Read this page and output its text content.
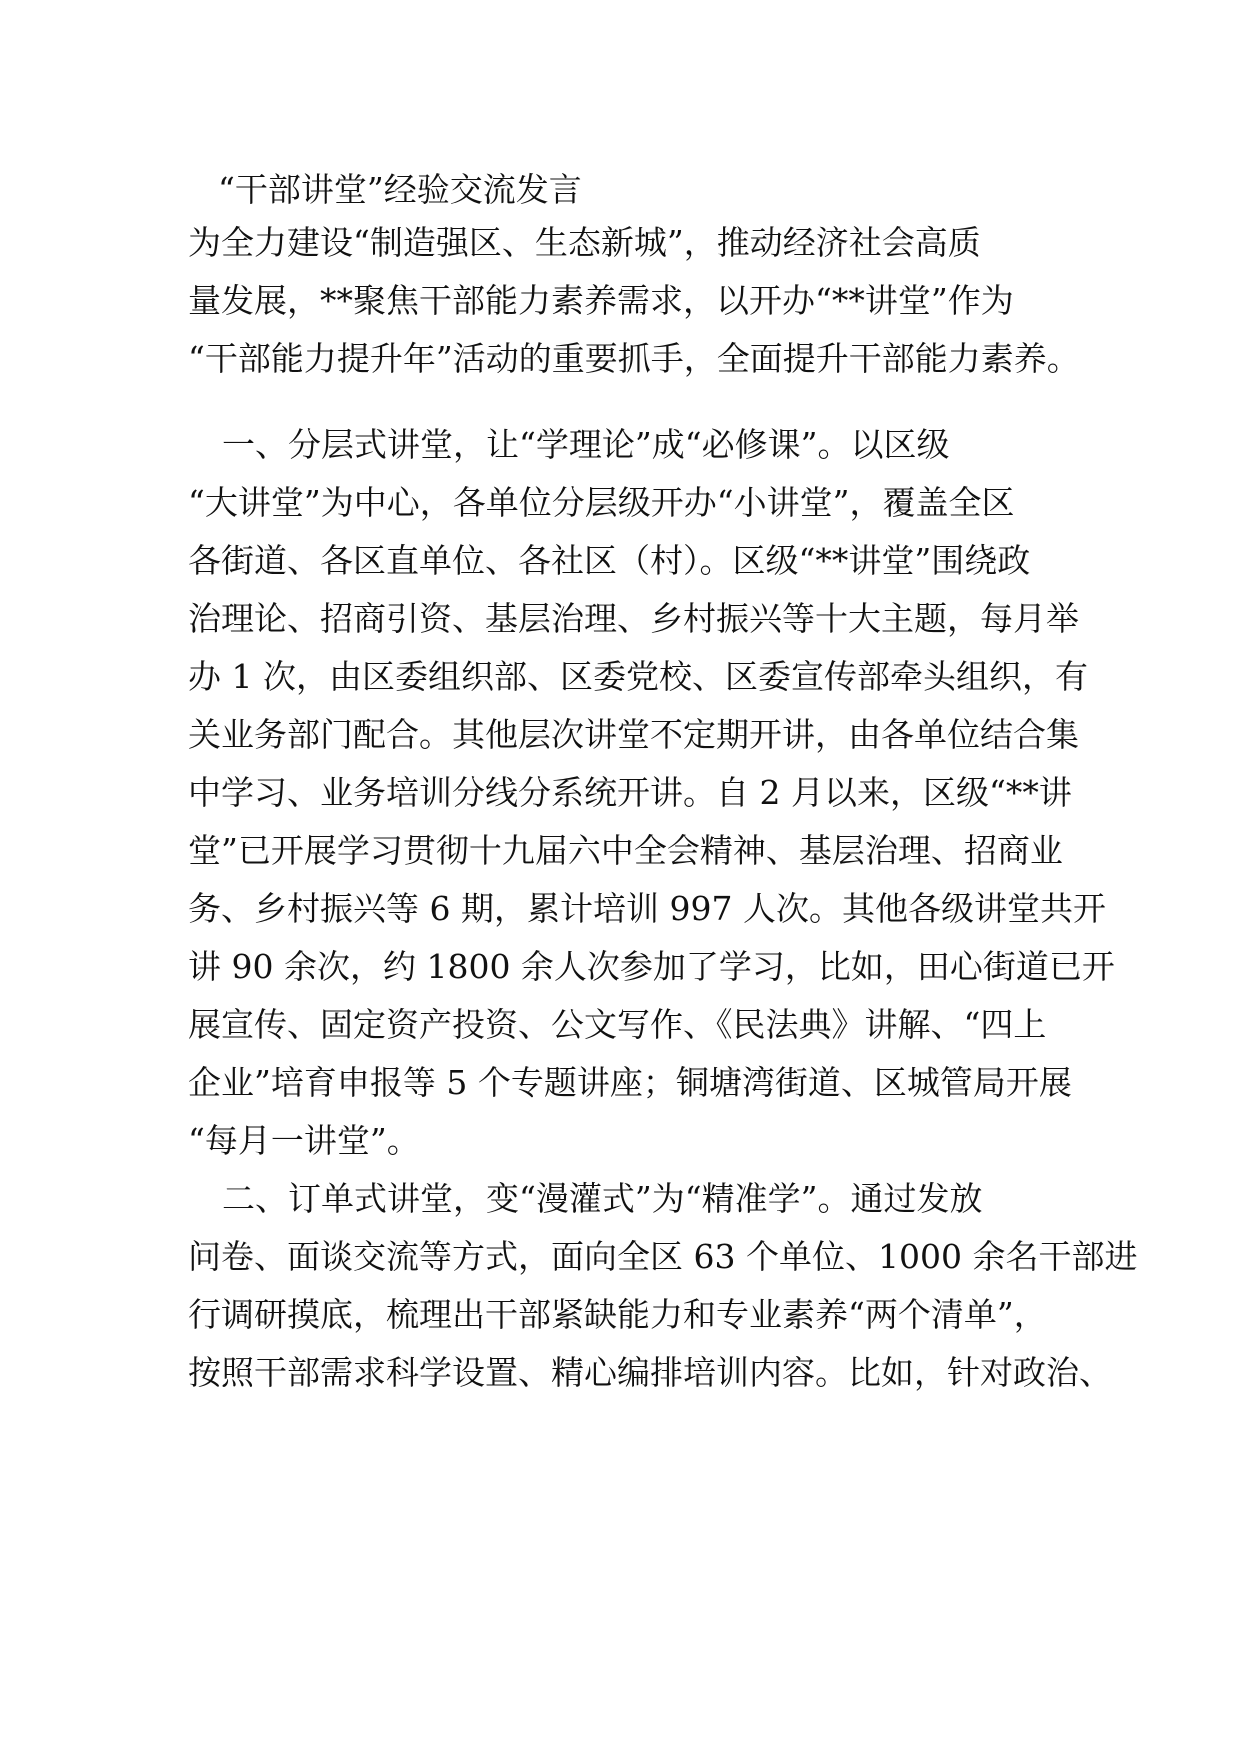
“干部讲堂”经验交流发言
为全力建设“制造强区、生态新城”，推动经济社会高质
量发展，**聚焦干部能力素养需求，以开办“**讲堂”作为
“干部能力提升年”活动的重要抓手，全面提升干部能力素养。
一、分层式讲堂，让“学理论”成“必修课”。以区级
“大讲堂”为中心，各单位分层级开办“小讲堂”，覆盖全区
各街道、各区直单位、各社区（村）。区级“**讲堂”围绕政
治理论、招商引资、基层治理、乡村振兴等十大主题，每月举
办 1 次，由区委组织部、区委党校、区委宣传部牵头组织，有
关业务部门配合。其他层次讲堂不定期开讲，由各单位结合集
中学习、业务培训分线分系统开讲。自 2 月以来，区级“**讲
堂”已开展学习贯彻十九届六中全会精神、基层治理、招商业
务、乡村振兴等 6 期，累计培训 997 人次。其他各级讲堂共开
讲 90 余次，约 1800 余人次参加了学习，比如，田心街道已开
展宣传、固定资产投资、公文写作、《民法典》讲解、“四上
企业”培育申报等 5 个专题讲座；铜塘湾街道、区城管局开展
“每月一讲堂”。
二、订单式讲堂，变“漫灌式”为“精准学”。通过发放
问卷、面谈交流等方式，面向全区 63 个单位、1000 余名干部进
行调研摸底，梳理出干部紧缺能力和专业素养“两个清单”，
按照干部需求科学设置、精心编排培训内容。比如，针对政治、
